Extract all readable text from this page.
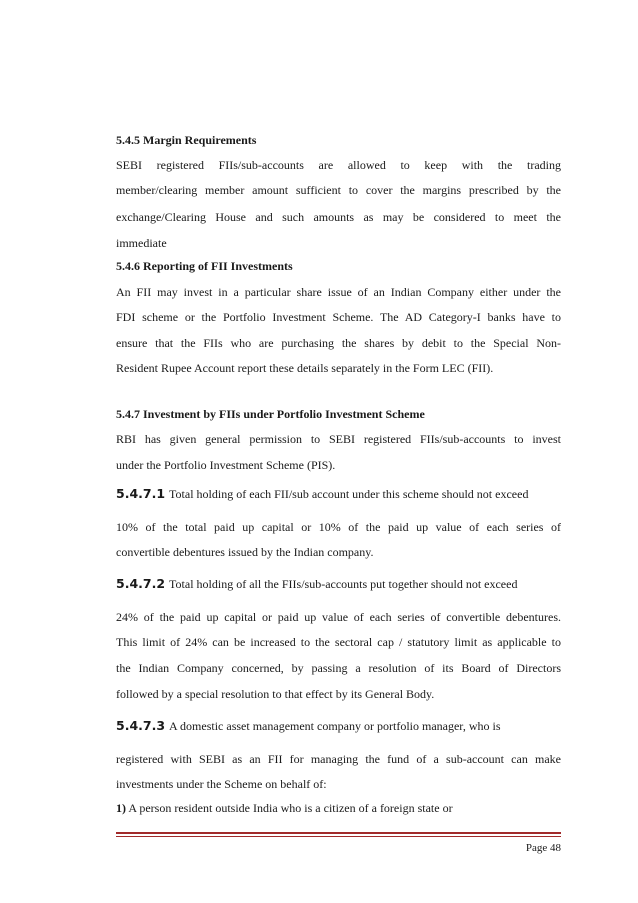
5.4.5 Margin Requirements
SEBI registered FIIs/sub-accounts are allowed to keep with the trading
member/clearing member amount sufficient to cover the margins prescribed by the
exchange/Clearing House and such amounts as may be considered to meet the
immediate
5.4.6 Reporting of FII Investments
An FII may invest in a particular share issue of an Indian Company either under the
FDI scheme or the Portfolio Investment Scheme. The AD Category-I banks have to
ensure that the FIIs who are purchasing the shares by debit to the Special Non-
Resident Rupee Account report these details separately in the Form LEC (FII).
5.4.7 Investment by FIIs under Portfolio Investment Scheme
RBI has given general permission to SEBI registered FIIs/sub-accounts to invest
under the Portfolio Investment Scheme (PIS).
5.4.7.1 Total holding of each FII/sub account under this scheme should not exceed
10% of the total paid up capital or 10% of the paid up value of each series of
convertible debentures issued by the Indian company.
5.4.7.2 Total holding of all the FIIs/sub-accounts put together should not exceed
24% of the paid up capital or paid up value of each series of convertible debentures.
This limit of 24% can be increased to the sectoral cap / statutory limit as applicable to
the Indian Company concerned, by passing a resolution of its Board of Directors
followed by a special resolution to that effect by its General Body.
5.4.7.3 A domestic asset management company or portfolio manager, who is
registered with SEBI as an FII for managing the fund of a sub-account can make
investments under the Scheme on behalf of:
1) A person resident outside India who is a citizen of a foreign state or
Page 48
